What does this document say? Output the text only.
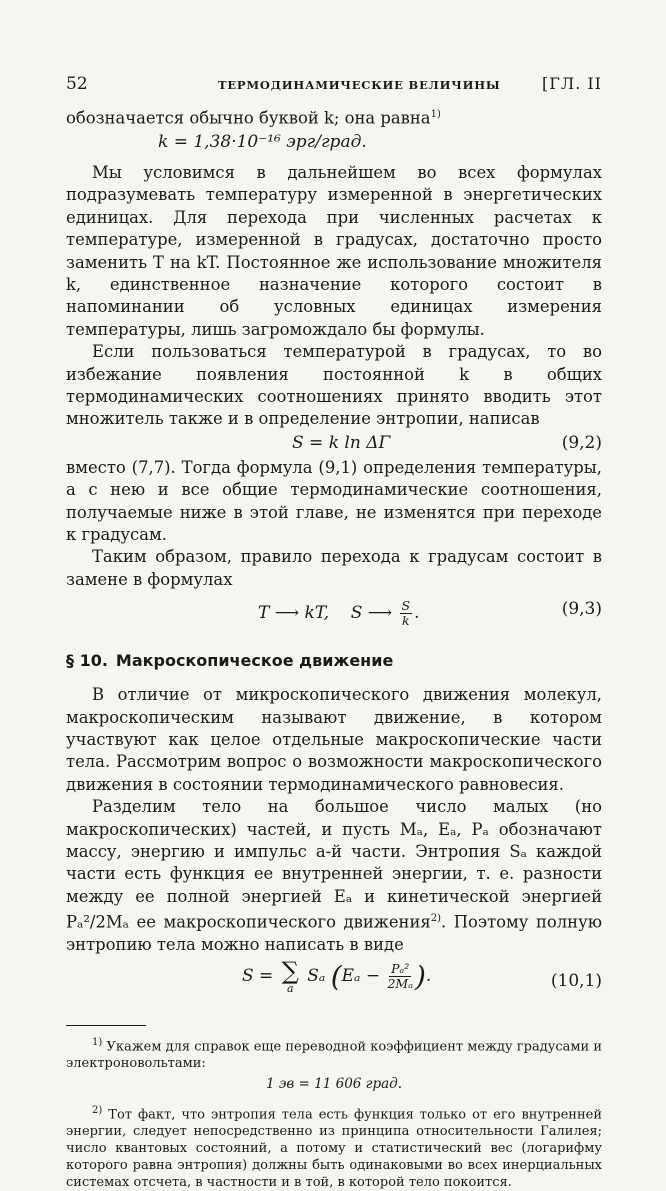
52	ТЕРМОДИНАМИЧЕСКИЕ ВЕЛИЧИНЫ	[ГЛ. II

обозначается обычно буквой k; она равна$^{1)}$

k = 1,38·10⁻¹⁶ эрг/град.

Мы условимся в дальнейшем во всех формулах подразумевать температуру измеренной в энергетических единицах. Для перехода при численных расчетах к температуре, измеренной в градусах, достаточно просто заменить T на kT. Постоянное же использование множителя k, единственное назначение которого состоит в напоминании об условных единицах измерения температуры, лишь загромождало бы формулы.

Если пользоваться температурой в градусах, то во избежание появления постоянной k в общих термодинамических соотношениях принято вводить этот множитель также и в определение энтропии, написав

S = k ln ΔΓ	(9,2)

вместо (7,7). Тогда формула (9,1) определения температуры, а с нею и все общие термодинамические соотношения, получаемые ниже в этой главе, не изменятся при переходе к градусам.

Таким образом, правило перехода к градусам состоит в замене в формулах

T ⟶ kT, S ⟶ $\frac{S}{k}$ .	(9,3)
§ 10. Макроскопическое движение

В отличие от микроскопического движения молекул, макроскопическим называют движение, в котором участвуют как целое отдельные макроскопические части тела. Рассмотрим вопрос о возможности макроскопического движения в состоянии термодинамического равновесия.

Разделим тело на большое число малых (но макроскопических) частей, и пусть Mₐ, Eₐ, Pₐ обозначают массу, энергию и импульс a-й части. Энтропия Sₐ каждой части есть функция ее внутренней энергии, т. е. разности между ее полной энергией Eₐ и кинетической энергией Pₐ²/2Mₐ ее макроскопического движения$^{2)}$. Поэтому полную энтропию тела можно написать в виде

S = ∑
a
Sₐ ($E_a - \frac{\text{Pₐ²}}{\text{2Mₐ}}$ ).	(10,1)

$^{1)}$ Укажем для справок еще переводной коэффициент между градусами и электроновольтами:

1 эв = 11 606 град.

$^{2)}$ Тот факт, что энтропия тела есть функция только от его внутренней энергии, следует непосредственно из принципа относительности Галилея; число квантовых состояний, а потому и статистический вес (логарифму которого равна энтропия) должны быть одинаковыми во всех инерциальных системах отсчета, в частности и в той, в которой тело покоится.
